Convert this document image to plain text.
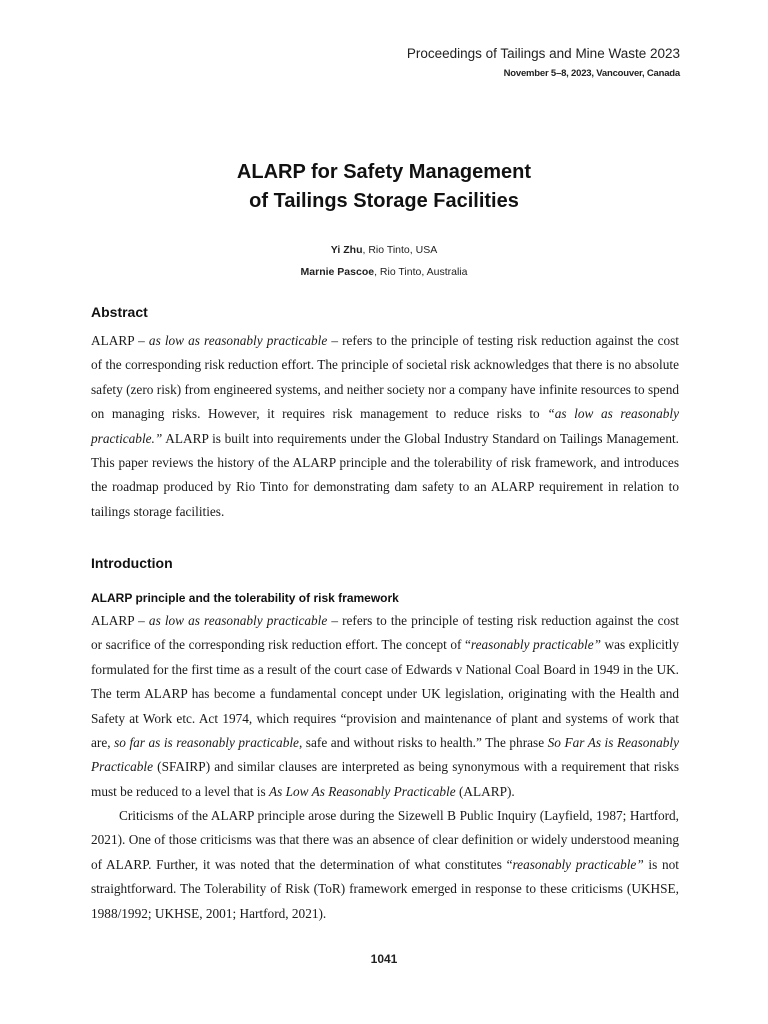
Proceedings of Tailings and Mine Waste 2023
November 5–8, 2023, Vancouver, Canada
ALARP for Safety Management
of Tailings Storage Facilities
Yi Zhu, Rio Tinto, USA
Marnie Pascoe, Rio Tinto, Australia
Abstract

ALARP – as low as reasonably practicable – refers to the principle of testing risk reduction against the cost of the corresponding risk reduction effort. The principle of societal risk acknowledges that there is no absolute safety (zero risk) from engineered systems, and neither society nor a company have infinite resources to spend on managing risks. However, it requires risk management to reduce risks to “as low as reasonably practicable.” ALARP is built into requirements under the Global Industry Standard on Tailings Management. This paper reviews the history of the ALARP principle and the tolerability of risk framework, and introduces the roadmap produced by Rio Tinto for demonstrating dam safety to an ALARP requirement in relation to tailings storage facilities.

Introduction
ALARP principle and the tolerability of risk framework

ALARP – as low as reasonably practicable – refers to the principle of testing risk reduction against the cost or sacrifice of the corresponding risk reduction effort. The concept of “reasonably practicable” was explicitly formulated for the first time as a result of the court case of Edwards v National Coal Board in 1949 in the UK. The term ALARP has become a fundamental concept under UK legislation, originating with the Health and Safety at Work etc. Act 1974, which requires “provision and maintenance of plant and systems of work that are, so far as is reasonably practicable, safe and without risks to health.” The phrase So Far As is Reasonably Practicable (SFAIRP) and similar clauses are interpreted as being synonymous with a requirement that risks must be reduced to a level that is As Low As Reasonably Practicable (ALARP).

Criticisms of the ALARP principle arose during the Sizewell B Public Inquiry (Layfield, 1987; Hartford, 2021). One of those criticisms was that there was an absence of clear definition or widely understood meaning of ALARP. Further, it was noted that the determination of what constitutes “reasonably practicable” is not straightforward. The Tolerability of Risk (ToR) framework emerged in response to these criticisms (UKHSE, 1988/1992; UKHSE, 2001; Hartford, 2021).

1041
